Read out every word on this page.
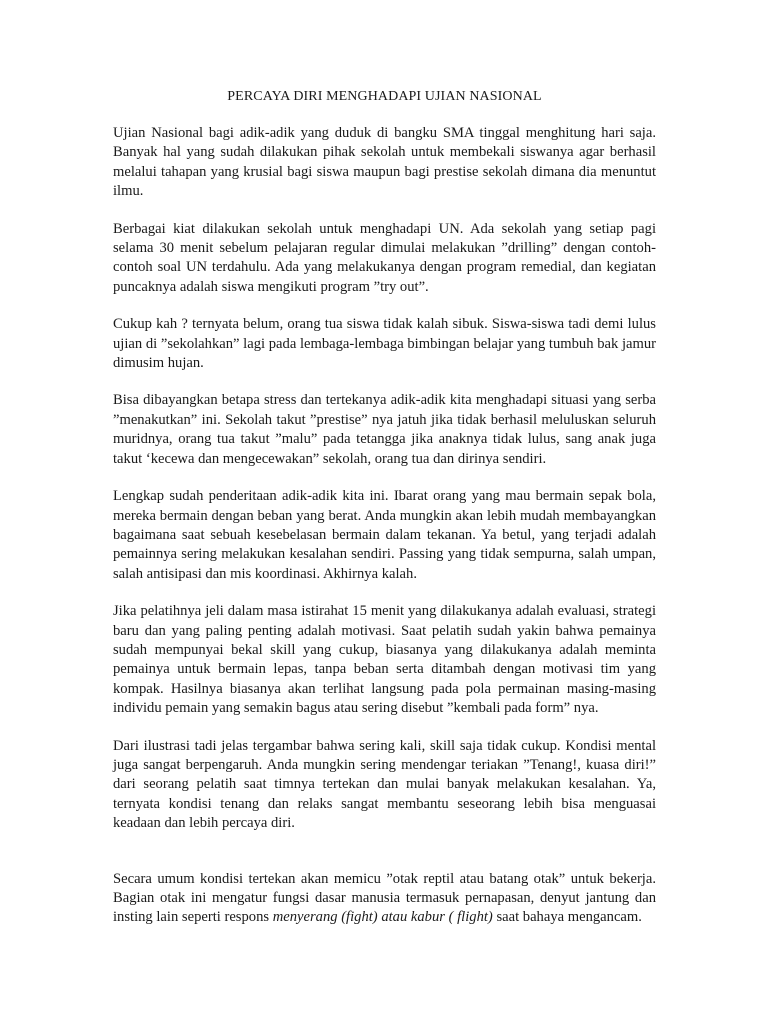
PERCAYA DIRI MENGHADAPI UJIAN NASIONAL

Ujian Nasional bagi adik-adik yang duduk di bangku SMA tinggal menghitung hari saja. Banyak hal yang sudah dilakukan pihak sekolah untuk membekali siswanya agar berhasil melalui tahapan yang krusial bagi siswa maupun bagi prestise sekolah dimana dia menuntut ilmu.

Berbagai kiat dilakukan sekolah untuk menghadapi UN. Ada sekolah yang setiap pagi selama 30 menit sebelum pelajaran regular dimulai melakukan ”drilling” dengan contoh-contoh soal UN terdahulu. Ada yang melakukanya dengan program remedial, dan kegiatan puncaknya adalah siswa mengikuti program ”try out”.

Cukup kah ? ternyata belum, orang tua siswa tidak kalah sibuk. Siswa-siswa tadi demi lulus ujian di ”sekolahkan” lagi pada lembaga-lembaga bimbingan belajar yang tumbuh bak jamur dimusim hujan.

Bisa dibayangkan betapa stress dan tertekanya adik-adik kita menghadapi situasi yang serba ”menakutkan” ini. Sekolah takut ”prestise” nya jatuh jika tidak berhasil meluluskan seluruh muridnya, orang tua takut ”malu” pada tetangga jika anaknya tidak lulus, sang anak juga takut ‘kecewa dan mengecewakan” sekolah, orang tua dan dirinya sendiri.

Lengkap sudah penderitaan adik-adik kita ini. Ibarat orang yang mau bermain sepak bola, mereka bermain dengan beban yang berat. Anda mungkin akan lebih mudah membayangkan bagaimana saat sebuah kesebelasan bermain dalam tekanan. Ya betul, yang terjadi adalah pemainnya sering melakukan kesalahan sendiri. Passing yang tidak sempurna, salah umpan, salah antisipasi dan mis koordinasi. Akhirnya kalah.

Jika pelatihnya jeli dalam masa istirahat 15 menit yang dilakukanya adalah evaluasi, strategi baru dan yang paling penting adalah motivasi. Saat pelatih sudah yakin bahwa pemainya sudah mempunyai bekal skill yang cukup, biasanya yang dilakukanya adalah meminta pemainya untuk bermain lepas, tanpa beban serta ditambah dengan motivasi tim yang kompak. Hasilnya biasanya akan terlihat langsung pada pola permainan masing-masing individu pemain yang semakin bagus atau sering disebut ”kembali pada form” nya.

Dari ilustrasi tadi jelas tergambar bahwa sering kali, skill saja tidak cukup. Kondisi mental juga sangat berpengaruh. Anda mungkin sering mendengar teriakan ”Tenang!, kuasa diri!” dari seorang pelatih saat timnya tertekan dan mulai banyak melakukan kesalahan. Ya, ternyata kondisi tenang dan relaks sangat membantu seseorang lebih bisa menguasai keadaan dan lebih percaya diri.

Secara umum kondisi tertekan akan memicu ”otak reptil atau batang otak” untuk bekerja. Bagian otak ini mengatur fungsi dasar manusia termasuk pernapasan, denyut jantung dan insting lain seperti respons menyerang (fight) atau kabur ( flight) saat bahaya mengancam.
